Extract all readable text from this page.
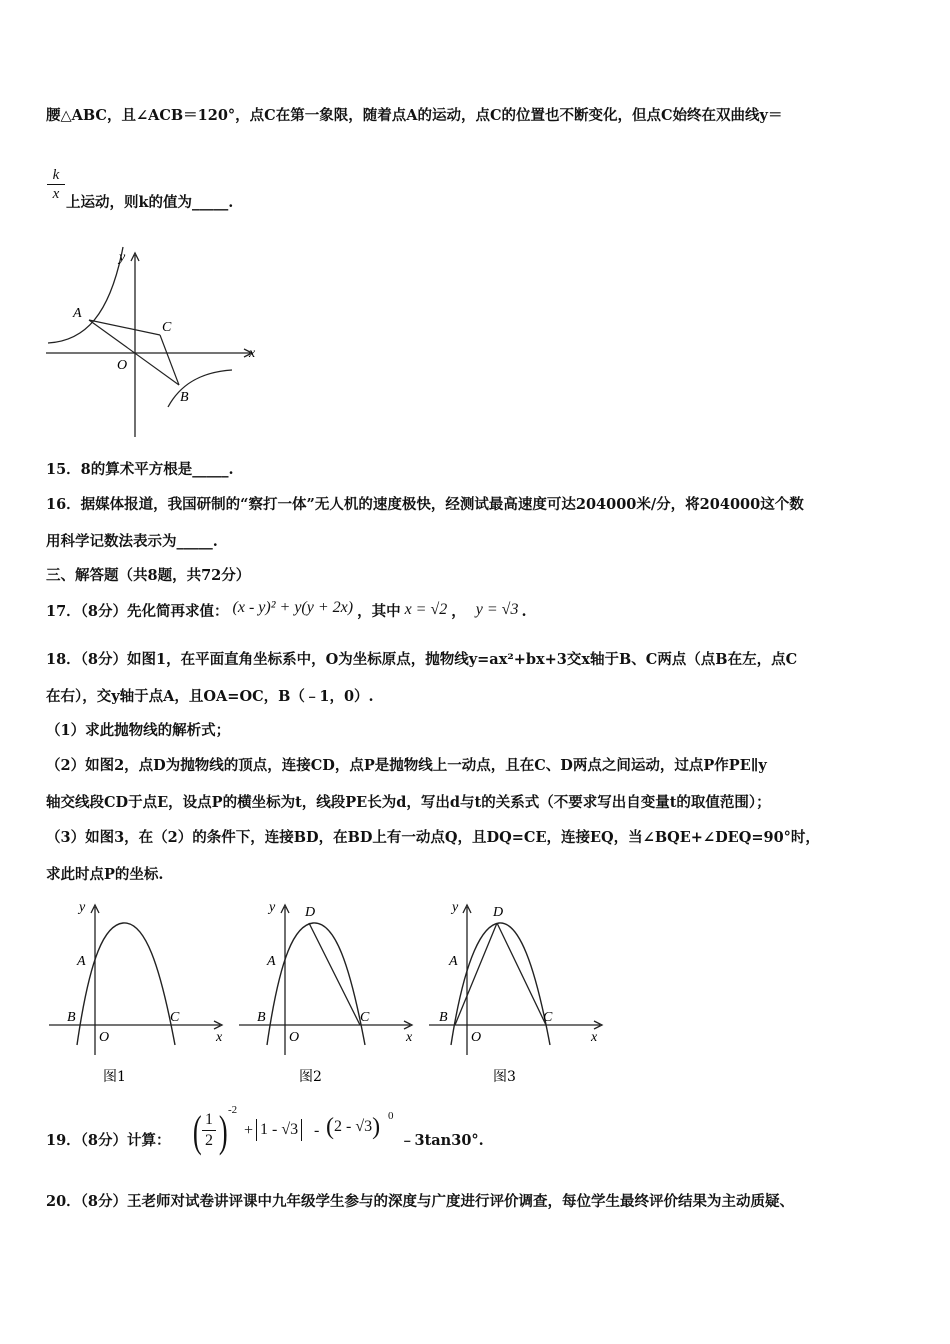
腰△ABC，且∠ACB＝120°，点C在第一象限，随着点A的运动，点C的位置也不断变化，但点C始终在双曲线y＝
$\frac{k}{x}$ 上运动，则k的值为_____.
y
x
O
A
C
B
15．8的算术平方根是_____.
16．据媒体报道，我国研制的“察打一体”无人机的速度极快，经测试最高速度可达204000米/分，将204000这个数
用科学记数法表示为_____.
三、解答题（共8题，共72分）
17．（8分）先化简再求值： (x - y)² + y(y + 2x) ，其中 x = √2 ， y = √3 .
18．（8分）如图1，在平面直角坐标系中，O为坐标原点，抛物线y=ax²+bx+3交x轴于B、C两点（点B在左，点C
在右），交y轴于点A，且OA=OC，B（﹣1，0）.
（1）求此抛物线的解析式；
（2）如图2，点D为抛物线的顶点，连接CD，点P是抛物线上一动点，且在C、D两点之间运动，过点P作PE∥y
轴交线段CD于点E，设点P的横坐标为t，线段PE长为d，写出d与t的关系式（不要求写出自变量t的取值范围）；
（3）如图3，在（2）的条件下，连接BD，在BD上有一动点Q，且DQ=CE，连接EQ，当∠BQE+∠DEQ=90°时，
求此时点P的坐标.
y
x
O
A
B	C
图1
y
x
O
A
B	C
D
图2
y
x
O
A
B	C
D
图3
19．（8分）计算： ( $\frac{1}{2}$ ) -2
+ 1 - √3 - (2 - √3) 0
﹣3tan30°.
20．（8分）王老师对试卷讲评课中九年级学生参与的深度与广度进行评价调查，每位学生最终评价结果为主动质疑、
